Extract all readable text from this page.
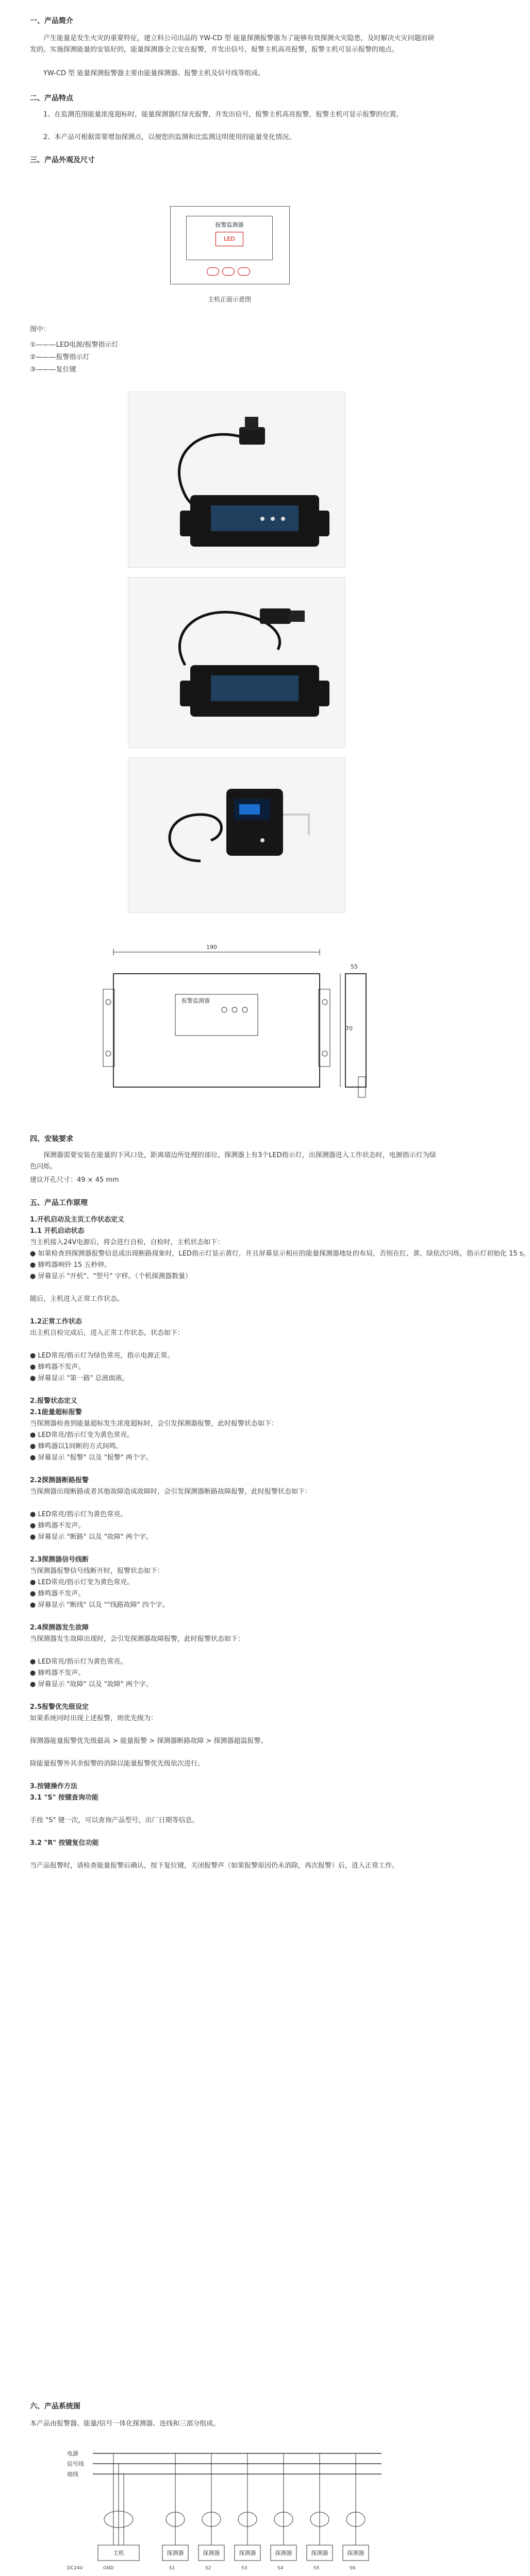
一、产品简介
产生能量是发生火灾的重要特征，建立科公司出品的 YW-CD 型 能量探测报警器为了能够有效探测火灾隐患，及时解决火灾问题而研发的。实施探测能量的安装好的，能量探测器全立安在报警，并发出信号，报警主机高亮报警，报警主机可显示报警的地点。
YW-CD 型 能量探测报警器主要由能量探测器、报警主机及信号线等组成。
二、产品特点
1、在监测范围能量浓度超标时，能量探测器红绿光报警，并发出信号，报警主机高亮报警，报警主机可显示报警的位置。
2、本产品可根据需要增加探测点，以便您的监测和比监测这明使用的能量变化情况。
三、产品外观及尺寸
报警监测器
LED
主机正面示意图
图中：
①———LED电源/报警指示灯
②———报警指示灯
③———复位键
190
55
70
报警监测器
四、安装要求
探测器需要安装在能量的下风口处，距离墙边所处理的部位。探测器上有3个LED指示灯，出探测器进入工作状态时，电源指示灯为绿色闪烁。
建议开孔尺寸：49 × 45 mm
五、产品工作原理
1.开机启动及主页工作状态定义
1.1 开机启动状态
当主机接入24V电源后，将会进行自检，自检时，主机状态如下：
● 如果检查到探测器报警信息或出现断路现象时，LED指示灯显示黄灯，并且屏幕显示相应的能量探测器地址的布局，否则在红、黄、绿依次闪烁，指示灯初始化 15 s。
● 蜂鸣器响铃 15 五秒钟。
● 屏幕显示 "开机"、"型号" 字样。（个机探测器数量）
随后，主机进入正常工作状态。
1.2正常工作状态
出主机自检完成后，进入正常工作状态，状态如下：
● LED常亮/指示灯为绿色常亮，指示电源正常。
● 蜂鸣器不发声。
● 屏幕显示 "第一路" 总液面液。
2.报警状态定义
2.1能量超标报警
当探测器检查到能量超标发生浓度超标时，会引发探测器报警，此时报警状态如下：
● LED常亮/指示灯变为黄色常亮。
● 蜂鸣器以1间断的方式间鸣。
● 屏幕显示 "报警" 以及 "报警" 两个字。
2.2探测器断路报警
当探测器出现断路或者其他故障造成故障时，会引发探测器断路故障报警，此时报警状态如下：
● LED常亮/指示灯为黄色常亮。
● 蜂鸣器不发声。
● 屏幕显示 "断路" 以及 "故障" 两个字。
2.3探测器信号线断
当探测器报警信号线断开时，报警状态如下：
● LED常亮/指示灯变为黄色常亮。
● 蜂鸣器不发声。
● 屏幕显示 "断线" 以及 ""线路故障" 四个字。
2.4探测器发生故障
当探测器发生故障出现时，会引发探测器故障报警，此时报警状态如下：
● LED常亮/指示灯为黄色常亮。
● 蜂鸣器不发声。
● 屏幕显示 "故障" 以及 "故障" 两个字。
2.5报警优先级设定
如果系统同时出现上述报警，则优先级为：
探测器能量报警优先级最高 > 能量报警 > 探测器断路故障 > 探测器超温报警。
除能量报警外其余报警的消除以能量报警优先级依次进行。
3.按键操作方法
3.1 "S" 按键查询功能
手按 "S" 键一次，可以查询产品型号，出厂日期等信息。
3.2 "R" 按键复位功能
当产品报警时，请检查能量报警后确认，按下复位键，关闭报警声（如果报警原因仍未消除，再次报警）后，进入正常工作。
六、产品系统图
本产品由报警器、能量/信号一体化探测器、连线和三部分组成。
电源
信号线
地线
主机	探测器	探测器	探测器	探测器	探测器	探测器
DC24V	GND	S1	S2	S3	S4	S5	S6
